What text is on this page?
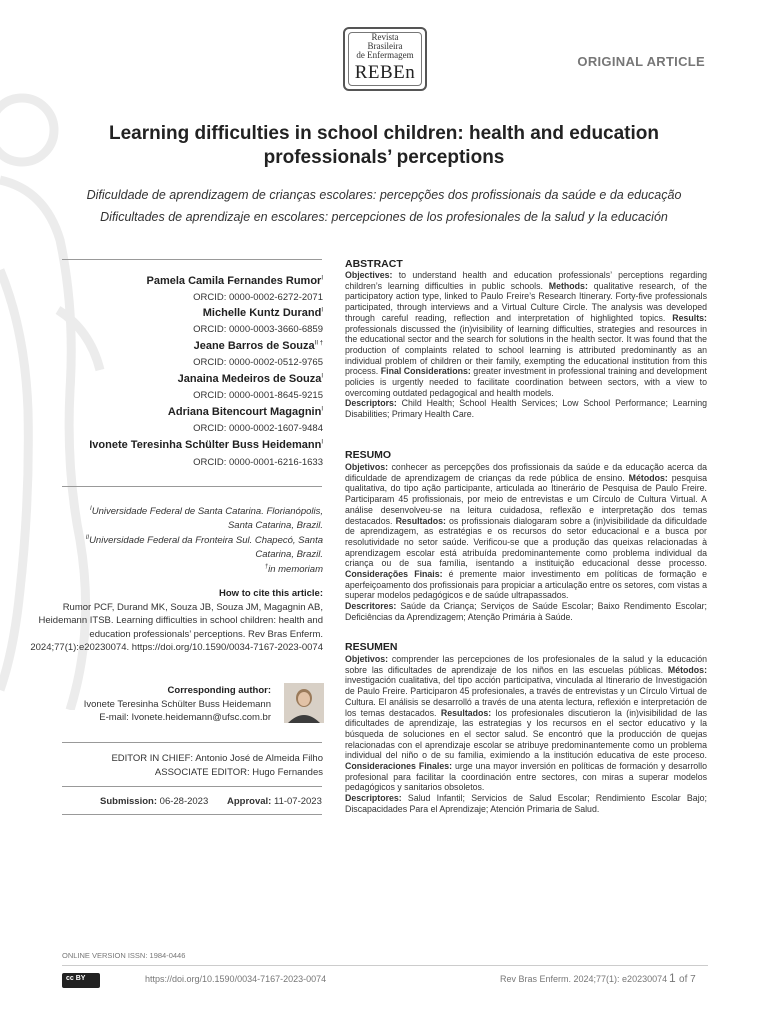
Revista
Brasileira
de Enfermagem
REBEn
ORIGINAL ARTICLE
Learning difficulties in school children: health and education professionals’ perceptions
Dificuldade de aprendizagem de crianças escolares: percepções dos profissionais da saúde e da educação
Dificultades de aprendizaje en escolares: percepciones de los profesionales de la salud y la educación
Pamela Camila Fernandes Rumor$^I$
ORCID: 0000-0002-6272-2071
Michelle Kuntz Durand$^I$
ORCID: 0000-0003-3660-6859
Jeane Barros de Souza$^{II \dagger}$
ORCID: 0000-0002-0512-9765
Janaina Medeiros de Souza$^I$
ORCID: 0000-0001-8645-9215
Adriana Bitencourt Magagnin$^I$
ORCID: 0000-0002-1607-9484
Ivonete Teresinha Schülter Buss Heidemann$^I$
ORCID: 0000-0001-6216-1633
$^I$Universidade Federal de Santa Catarina. Florianópolis, Santa Catarina, Brazil.
$^{II}$Universidade Federal da Fronteira Sul. Chapecó, Santa Catarina, Brazil.
†in memoriam
How to cite this article:
Rumor PCF, Durand MK, Souza JB, Souza JM, Magagnin AB, Heidemann ITSB. Learning difficulties in school children: health and education professionals’ perceptions. Rev Bras Enferm. 2024;77(1):e20230074. https://doi.org/10.1590/0034-7167-2023-0074
Corresponding author:
Ivonete Teresinha Schülter Buss Heidemann
E-mail: Ivonete.heidemann@ufsc.com.br
EDITOR IN CHIEF: Antonio José de Almeida Filho
ASSOCIATE EDITOR: Hugo Fernandes
Submission: 06-28-2023 Approval: 11-07-2023
ABSTRACT
Objectives: to understand health and education professionals’ perceptions regarding children’s learning difficulties in public schools. Methods: qualitative research, of the participatory action type, linked to Paulo Freire’s Research Itinerary. Forty-five professionals participated, through interviews and a Virtual Culture Circle. The analysis was developed through careful reading, reflection and interpretation of highlighted topics. Results: professionals discussed the (in)visibility of learning difficulties, strategies and resources in the educational sector and the search for solutions in the health sector. It was found that the production of complaints related to school learning is attributed predominantly as an individual problem of children or their family, exempting the educational institution from this process. Final Considerations: greater investment in professional training and development policies is urgently needed to facilitate coordination between sectors, with a view to overcoming outdated pedagogical and health models.
Descriptors: Child Health; School Health Services; Low School Performance; Learning Disabilities; Primary Health Care.
RESUMO
Objetivos: conhecer as percepções dos profissionais da saúde e da educação acerca da dificuldade de aprendizagem de crianças da rede pública de ensino. Métodos: pesquisa qualitativa, do tipo ação participante, articulada ao Itinerário de Pesquisa de Paulo Freire. Participaram 45 profissionais, por meio de entrevistas e um Círculo de Cultura Virtual. A análise desenvolveu-se na leitura cuidadosa, reflexão e interpretação dos temas destacados. Resultados: os profissionais dialogaram sobre a (in)visibilidade da dificuldade de aprendizagem, as estratégias e os recursos do setor educacional e a busca por resolutividade no setor saúde. Verificou-se que a produção das queixas relacionadas à aprendizagem escolar está atribuída predominantemente como problema individual da criança ou de sua família, isentando a instituição educacional desse processo. Considerações Finais: é premente maior investimento em políticas de formação e aperfeiçoamento dos profissionais para propiciar a articulação entre os setores, com vistas a superar modelos pedagógicos e de saúde ultrapassados.
Descritores: Saúde da Criança; Serviços de Saúde Escolar; Baixo Rendimento Escolar; Deficiências da Aprendizagem; Atenção Primária à Saúde.
RESUMEN
Objetivos: comprender las percepciones de los profesionales de la salud y la educación sobre las dificultades de aprendizaje de los niños en las escuelas públicas. Métodos: investigación cualitativa, del tipo acción participativa, vinculada al Itinerario de Investigación de Paulo Freire. Participaron 45 profesionales, a través de entrevistas y un Círculo Virtual de Cultura. El análisis se desarrolló a través de una atenta lectura, reflexión e interpretación de los temas destacados. Resultados: los profesionales discutieron la (in)visibilidad de las dificultades de aprendizaje, las estrategias y los recursos en el sector educativo y la búsqueda de soluciones en el sector salud. Se encontró que la producción de quejas relacionadas con el aprendizaje escolar se atribuye predominantemente como un problema individual del niño o de su familia, eximiendo a la institución educativa de este proceso. Consideraciones Finales: urge una mayor inversión en políticas de formación y desarrollo profesional para facilitar la coordinación entre sectores, con miras a superar modelos pedagógicos y sanitarios obsoletos.
Descriptores: Salud Infantil; Servicios de Salud Escolar; Rendimiento Escolar Bajo; Discapacidades Para el Aprendizaje; Atención Primaria de Salud.
ONLINE VERSION ISSN: 1984-0446
cc BY	https://doi.org/10.1590/0034-7167-2023-0074	Rev Bras Enferm. 2024;77(1): e20230074 1 of 7
